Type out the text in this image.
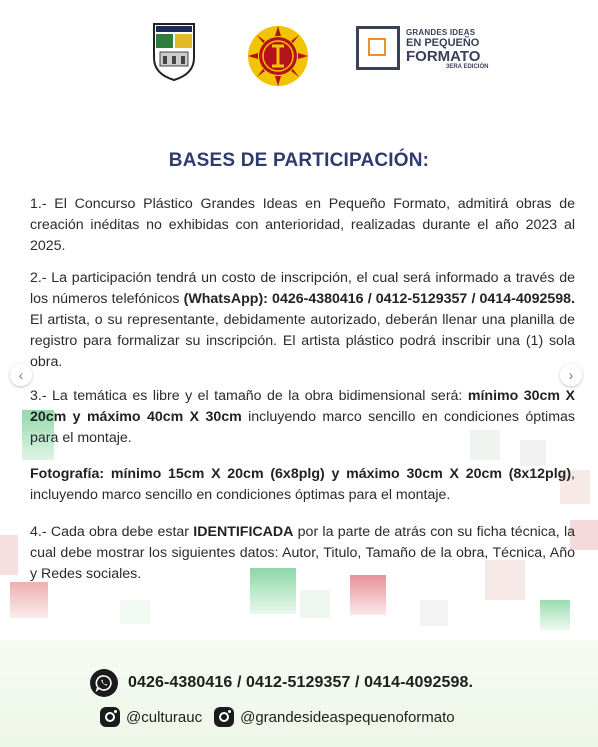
GRANDES IDEAS
EN PEQUEÑO
FORMATO
3ERA EDICIÓN
BASES DE PARTICIPACIÓN:

1.- El Concurso Plástico Grandes Ideas en Pequeño Formato, admitirá obras de creación inéditas no exhibidas con anterioridad, realizadas durante el año 2023 al 2025.

2.- La participación tendrá un costo de inscripción, el cual será informado a través de los números telefónicos (WhatsApp): 0426-4380416 / 0412-5129357 / 0414-4092598. El artista, o su representante, debidamente autorizado, deberán llenar una planilla de registro para formalizar su inscripción. El artista plástico podrá inscribir una (1) sola obra.

3.- La temática es libre y el tamaño de la obra bidimensional será: mínimo 30cm X 20cm y máximo 40cm X 30cm incluyendo marco sencillo en condiciones óptimas para el montaje.

Fotografía: mínimo 15cm X 20cm (6x8plg) y máximo 30cm X 20cm (8x12plg), incluyendo marco sencillo en condiciones óptimas para el montaje.

4.- Cada obra debe estar IDENTIFICADA por la parte de atrás con su ficha técnica, la cual debe mostrar los siguientes datos: Autor, Titulo, Tamaño de la obra, Técnica, Año y Redes sociales.

‹	›
0426-4380416 / 0412-5129357 / 0414-4092598.
@culturauc	@grandesideaspequenoformato
